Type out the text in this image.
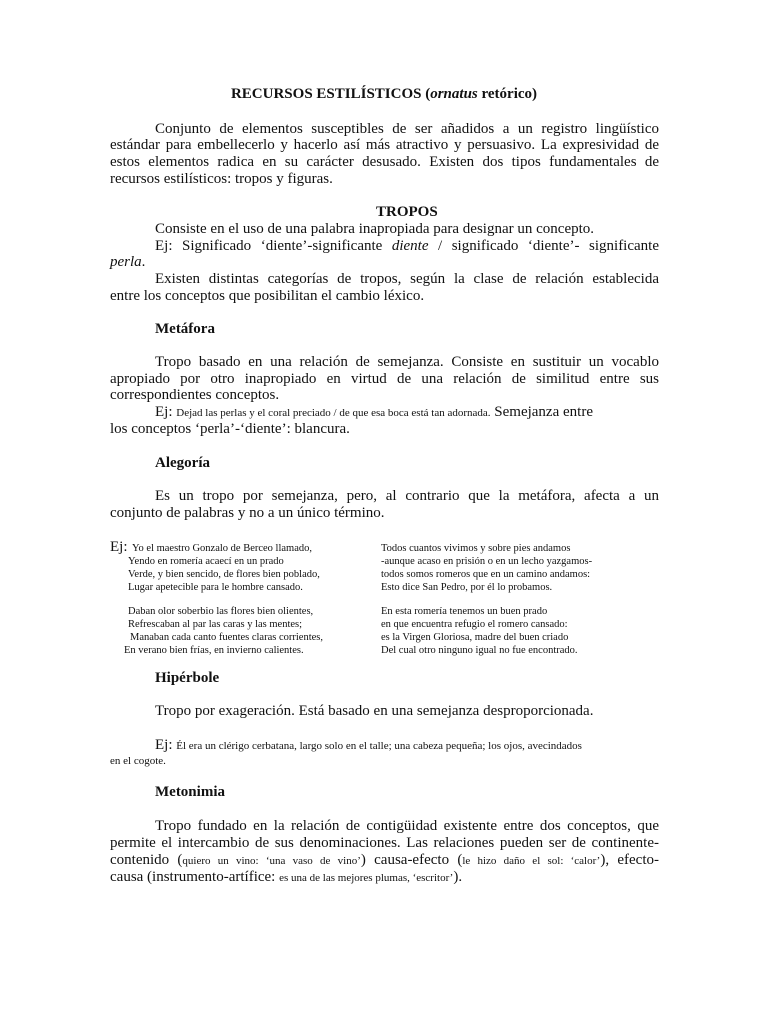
RECURSOS ESTILÍSTICOS (ornatus retórico)
Conjunto de elementos susceptibles de ser añadidos a un registro lingüístico
estándar para embellecerlo y hacerlo así más atractivo y persuasivo. La expresividad de
estos elementos radica en su carácter desusado. Existen dos tipos fundamentales de
recursos estilísticos: tropos y figuras.
TROPOS
Consiste en el uso de una palabra inapropiada para designar un concepto.
Ej: Significado ‘diente’-significante diente / significado ‘diente’- significante
perla.
Existen distintas categorías de tropos, según la clase de relación establecida
entre los conceptos que posibilitan el cambio léxico.
Metáfora
Tropo basado en una relación de semejanza. Consiste en sustituir un vocablo
apropiado por otro inapropiado en virtud de una relación de similitud entre sus
correspondientes conceptos.
Ej: Dejad las perlas y el coral preciado / de que esa boca está tan adornada. Semejanza entre
los conceptos ‘perla’-‘diente’: blancura.
Alegoría
Es un tropo por semejanza, pero, al contrario que la metáfora, afecta a un
conjunto de palabras y no a un único término.
Ej: Yo el maestro Gonzalo de Berceo llamado,
Yendo en romería acaecí en un prado
Verde, y bien sencido, de flores bien poblado,
Lugar apetecible para le hombre cansado.
Daban olor soberbio las flores bien olientes,
Refrescaban al par las caras y las mentes;
Manaban cada canto fuentes claras corrientes,
En verano bien frías, en invierno calientes.
Todos cuantos vivimos y sobre pies andamos
-aunque acaso en prisión o en un lecho yazgamos-
todos somos romeros que en un camino andamos:
Esto dice San Pedro, por él lo probamos.
En esta romería tenemos un buen prado
en que encuentra refugio el romero cansado:
es la Virgen Gloriosa, madre del buen criado
Del cual otro ninguno igual no fue encontrado.
Hipérbole
Tropo por exageración. Está basado en una semejanza desproporcionada.
Ej: Él era un clérigo cerbatana, largo solo en el talle; una cabeza pequeña; los ojos, avecindados
en el cogote.
Metonimia
Tropo fundado en la relación de contigüidad existente entre dos conceptos, que
permite el intercambio de sus denominaciones. Las relaciones pueden ser de continente-
contenido (quiero un vino: ‘una vaso de vino’) causa-efecto (le hizo daño el sol: ‘calor’), efecto-
causa (instrumento-artífice: es una de las mejores plumas, ‘escritor’).
